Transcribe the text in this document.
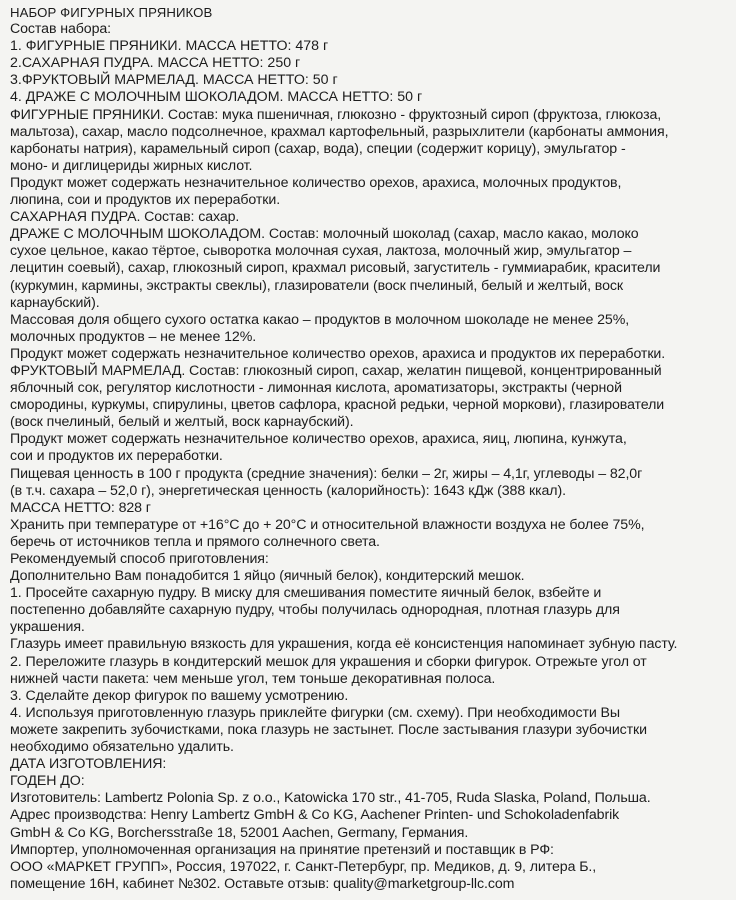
НАБОР ФИГУРНЫХ ПРЯНИКОВ
Состав набора:
1. ФИГУРНЫЕ ПРЯНИКИ. МАССА НЕТТО: 478 г
2.САХАРНАЯ ПУДРА. МАССА НЕТТО: 250 г
3.ФРУКТОВЫЙ МАРМЕЛАД. МАССА НЕТТО: 50 г
4. ДРАЖЕ С МОЛОЧНЫМ ШОКОЛАДОМ. МАССА НЕТТО: 50 г
ФИГУРНЫЕ ПРЯНИКИ. Состав: мука пшеничная, глюкозно - фруктозный сироп (фруктоза, глюкоза,
мальтоза), сахар, масло подсолнечное, крахмал картофельный, разрыхлители (карбонаты аммония,
карбонаты натрия), карамельный сироп (сахар, вода), специи (содержит корицу), эмульгатор -
моно- и диглицериды жирных кислот.
Продукт может содержать незначительное количество орехов, арахиса, молочных продуктов,
люпина, сои и продуктов их переработки.
САХАРНАЯ ПУДРА. Состав: сахар.
ДРАЖЕ С МОЛОЧНЫМ ШОКОЛАДОМ. Состав: молочный шоколад (сахар, масло какао, молоко
сухое цельное, какао тёртое, сыворотка молочная сухая, лактоза, молочный жир, эмульгатор –
лецитин соевый), сахар, глюкозный сироп, крахмал рисовый, загуститель - гуммиарабик, красители
(куркумин, кармины, экстракты свеклы), глазирователи (воск пчелиный, белый и желтый, воск
карнаубский).
Массовая доля общего сухого остатка какао – продуктов в молочном шоколаде не менее 25%,
молочных продуктов – не менее 12%.
Продукт может содержать незначительное количество орехов, арахиса и продуктов их переработки.
ФРУКТОВЫЙ МАРМЕЛАД. Состав: глюкозный сироп, сахар, желатин пищевой, концентрированный
яблочный сок, регулятор кислотности - лимонная кислота, ароматизаторы, экстракты (черной
смородины, куркумы, спирулины, цветов сафлора, красной редьки, черной моркови), глазирователи
(воск пчелиный, белый и желтый, воск карнаубский).
Продукт может содержать незначительное количество орехов, арахиса, яиц, люпина, кунжута,
сои и продуктов их переработки.
Пищевая ценность в 100 г продукта (средние значения): белки – 2г, жиры – 4,1г, углеводы – 82,0г
(в т.ч. сахара – 52,0 г), энергетическая ценность (калорийность): 1643 кДж (388 ккал).
МАССА НЕТТО: 828 г
Хранить при температуре от +16°С до + 20°С и относительной влажности воздуха не более 75%,
беречь от источников тепла и прямого солнечного света.
Рекомендуемый способ приготовления:
Дополнительно Вам понадобится 1 яйцо (яичный белок), кондитерский мешок.
1. Просейте сахарную пудру. В миску для смешивания поместите яичный белок, взбейте и
постепенно добавляйте сахарную пудру, чтобы получилась однородная, плотная глазурь для
украшения.
Глазурь имеет правильную вязкость для украшения, когда её консистенция напоминает зубную пасту.
2. Переложите глазурь в кондитерский мешок для украшения и сборки фигурок. Отрежьте угол от
нижней части пакета: чем меньше угол, тем тоньше декоративная полоса.
3. Сделайте декор фигурок по вашему усмотрению.
4. Используя приготовленную глазурь приклейте фигурки (см. схему). При необходимости Вы
можете закрепить зубочистками, пока глазурь не застынет. После застывания глазури зубочистки
необходимо обязательно удалить.
ДАТА ИЗГОТОВЛЕНИЯ:
ГОДЕН ДО:
Изготовитель: Lambertz Polonia Sp. z o.o., Katowicka 170 str., 41-705, Ruda Slaska, Poland, Польша.
Адрес производства: Henry Lambertz GmbH & Co KG, Aachener Printen- und Schokoladenfabrik
GmbH & Co KG, Borchersstraße 18, 52001 Aachen, Germany, Германия.
Импортер, уполномоченная организация на принятие претензий и поставщик в РФ:
ООО «МАРКЕТ ГРУПП», Россия, 197022, г. Санкт-Петербург, пр. Медиков, д. 9, литера Б.,
помещение 16Н, кабинет №302. Оставьте отзыв: quality@marketgroup-llc.com
